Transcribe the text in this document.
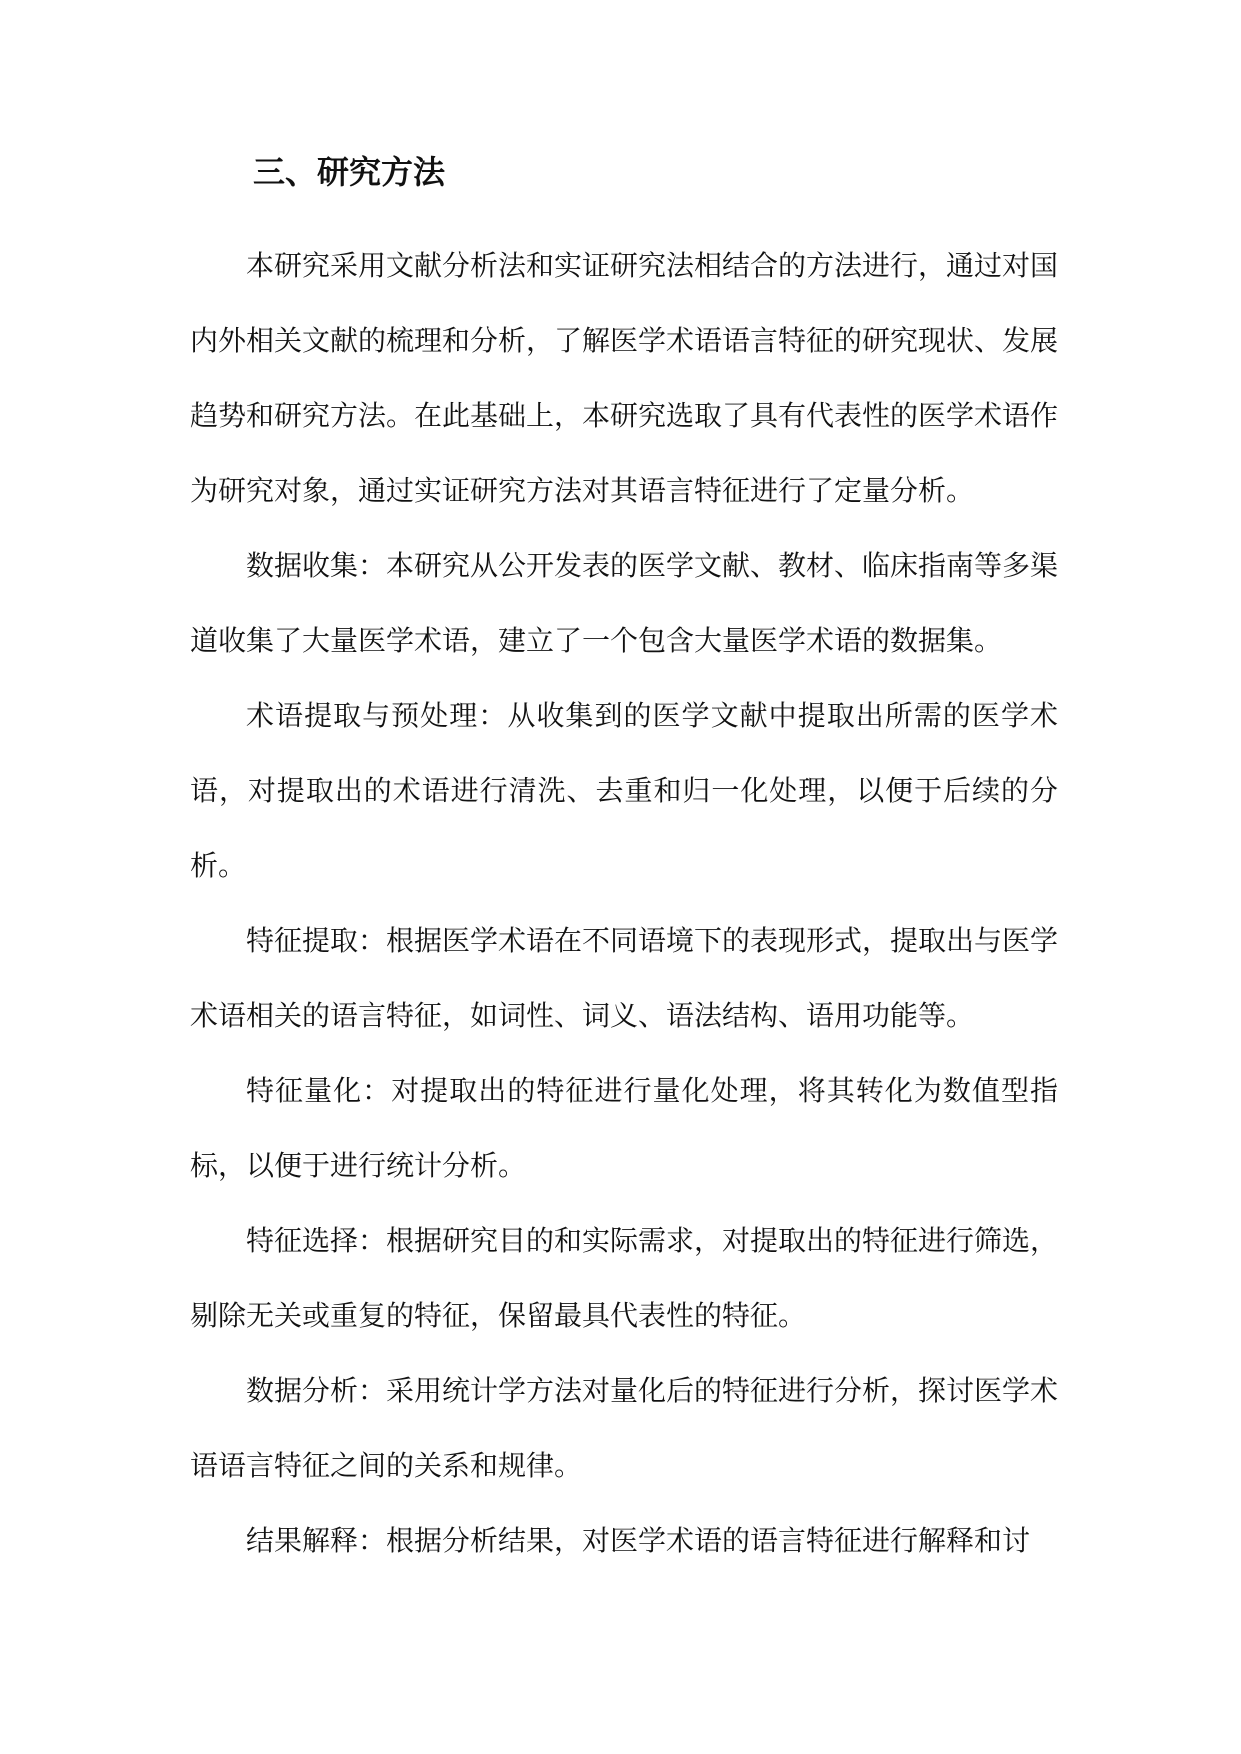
三、研究方法

本研究采用文献分析法和实证研究法相结合的方法进行，通过对国内外相关文献的梳理和分析，了解医学术语语言特征的研究现状、发展趋势和研究方法。在此基础上，本研究选取了具有代表性的医学术语作为研究对象，通过实证研究方法对其语言特征进行了定量分析。

数据收集：本研究从公开发表的医学文献、教材、临床指南等多渠道收集了大量医学术语，建立了一个包含大量医学术语的数据集。

术语提取与预处理：从收集到的医学文献中提取出所需的医学术语，对提取出的术语进行清洗、去重和归一化处理，以便于后续的分析。

特征提取：根据医学术语在不同语境下的表现形式，提取出与医学术语相关的语言特征，如词性、词义、语法结构、语用功能等。

特征量化：对提取出的特征进行量化处理，将其转化为数值型指标，以便于进行统计分析。

特征选择：根据研究目的和实际需求，对提取出的特征进行筛选，剔除无关或重复的特征，保留最具代表性的特征。

数据分析：采用统计学方法对量化后的特征进行分析，探讨医学术语语言特征之间的关系和规律。

结果解释：根据分析结果，对医学术语的语言特征进行解释和讨
